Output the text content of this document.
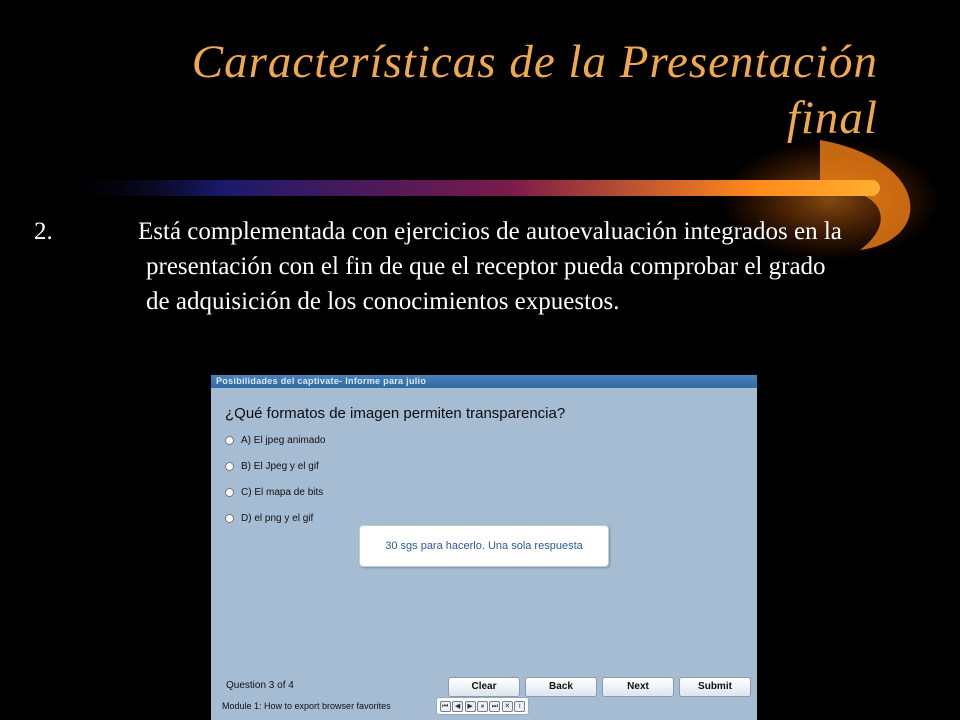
Características de la Presentación final
2.	Está complementada con ejercicios de autoevaluación integrados en la presentación con el fin de que el receptor pueda comprobar el grado de adquisición de los conocimientos expuestos.
Posibilidades del captivate- Informe para julio
¿Qué formatos de imagen permiten transparencia?
A) El jpeg animado
B) El Jpeg y el gif
C) El mapa de bits
D) el png y el gif
30 sgs para hacerlo. Una sola respuesta
Question 3 of 4	Clear	Back	Next	Submit
Module 1: How to export browser favorites	⏮ ◀	▶	⏸	⏭ ✕	i
